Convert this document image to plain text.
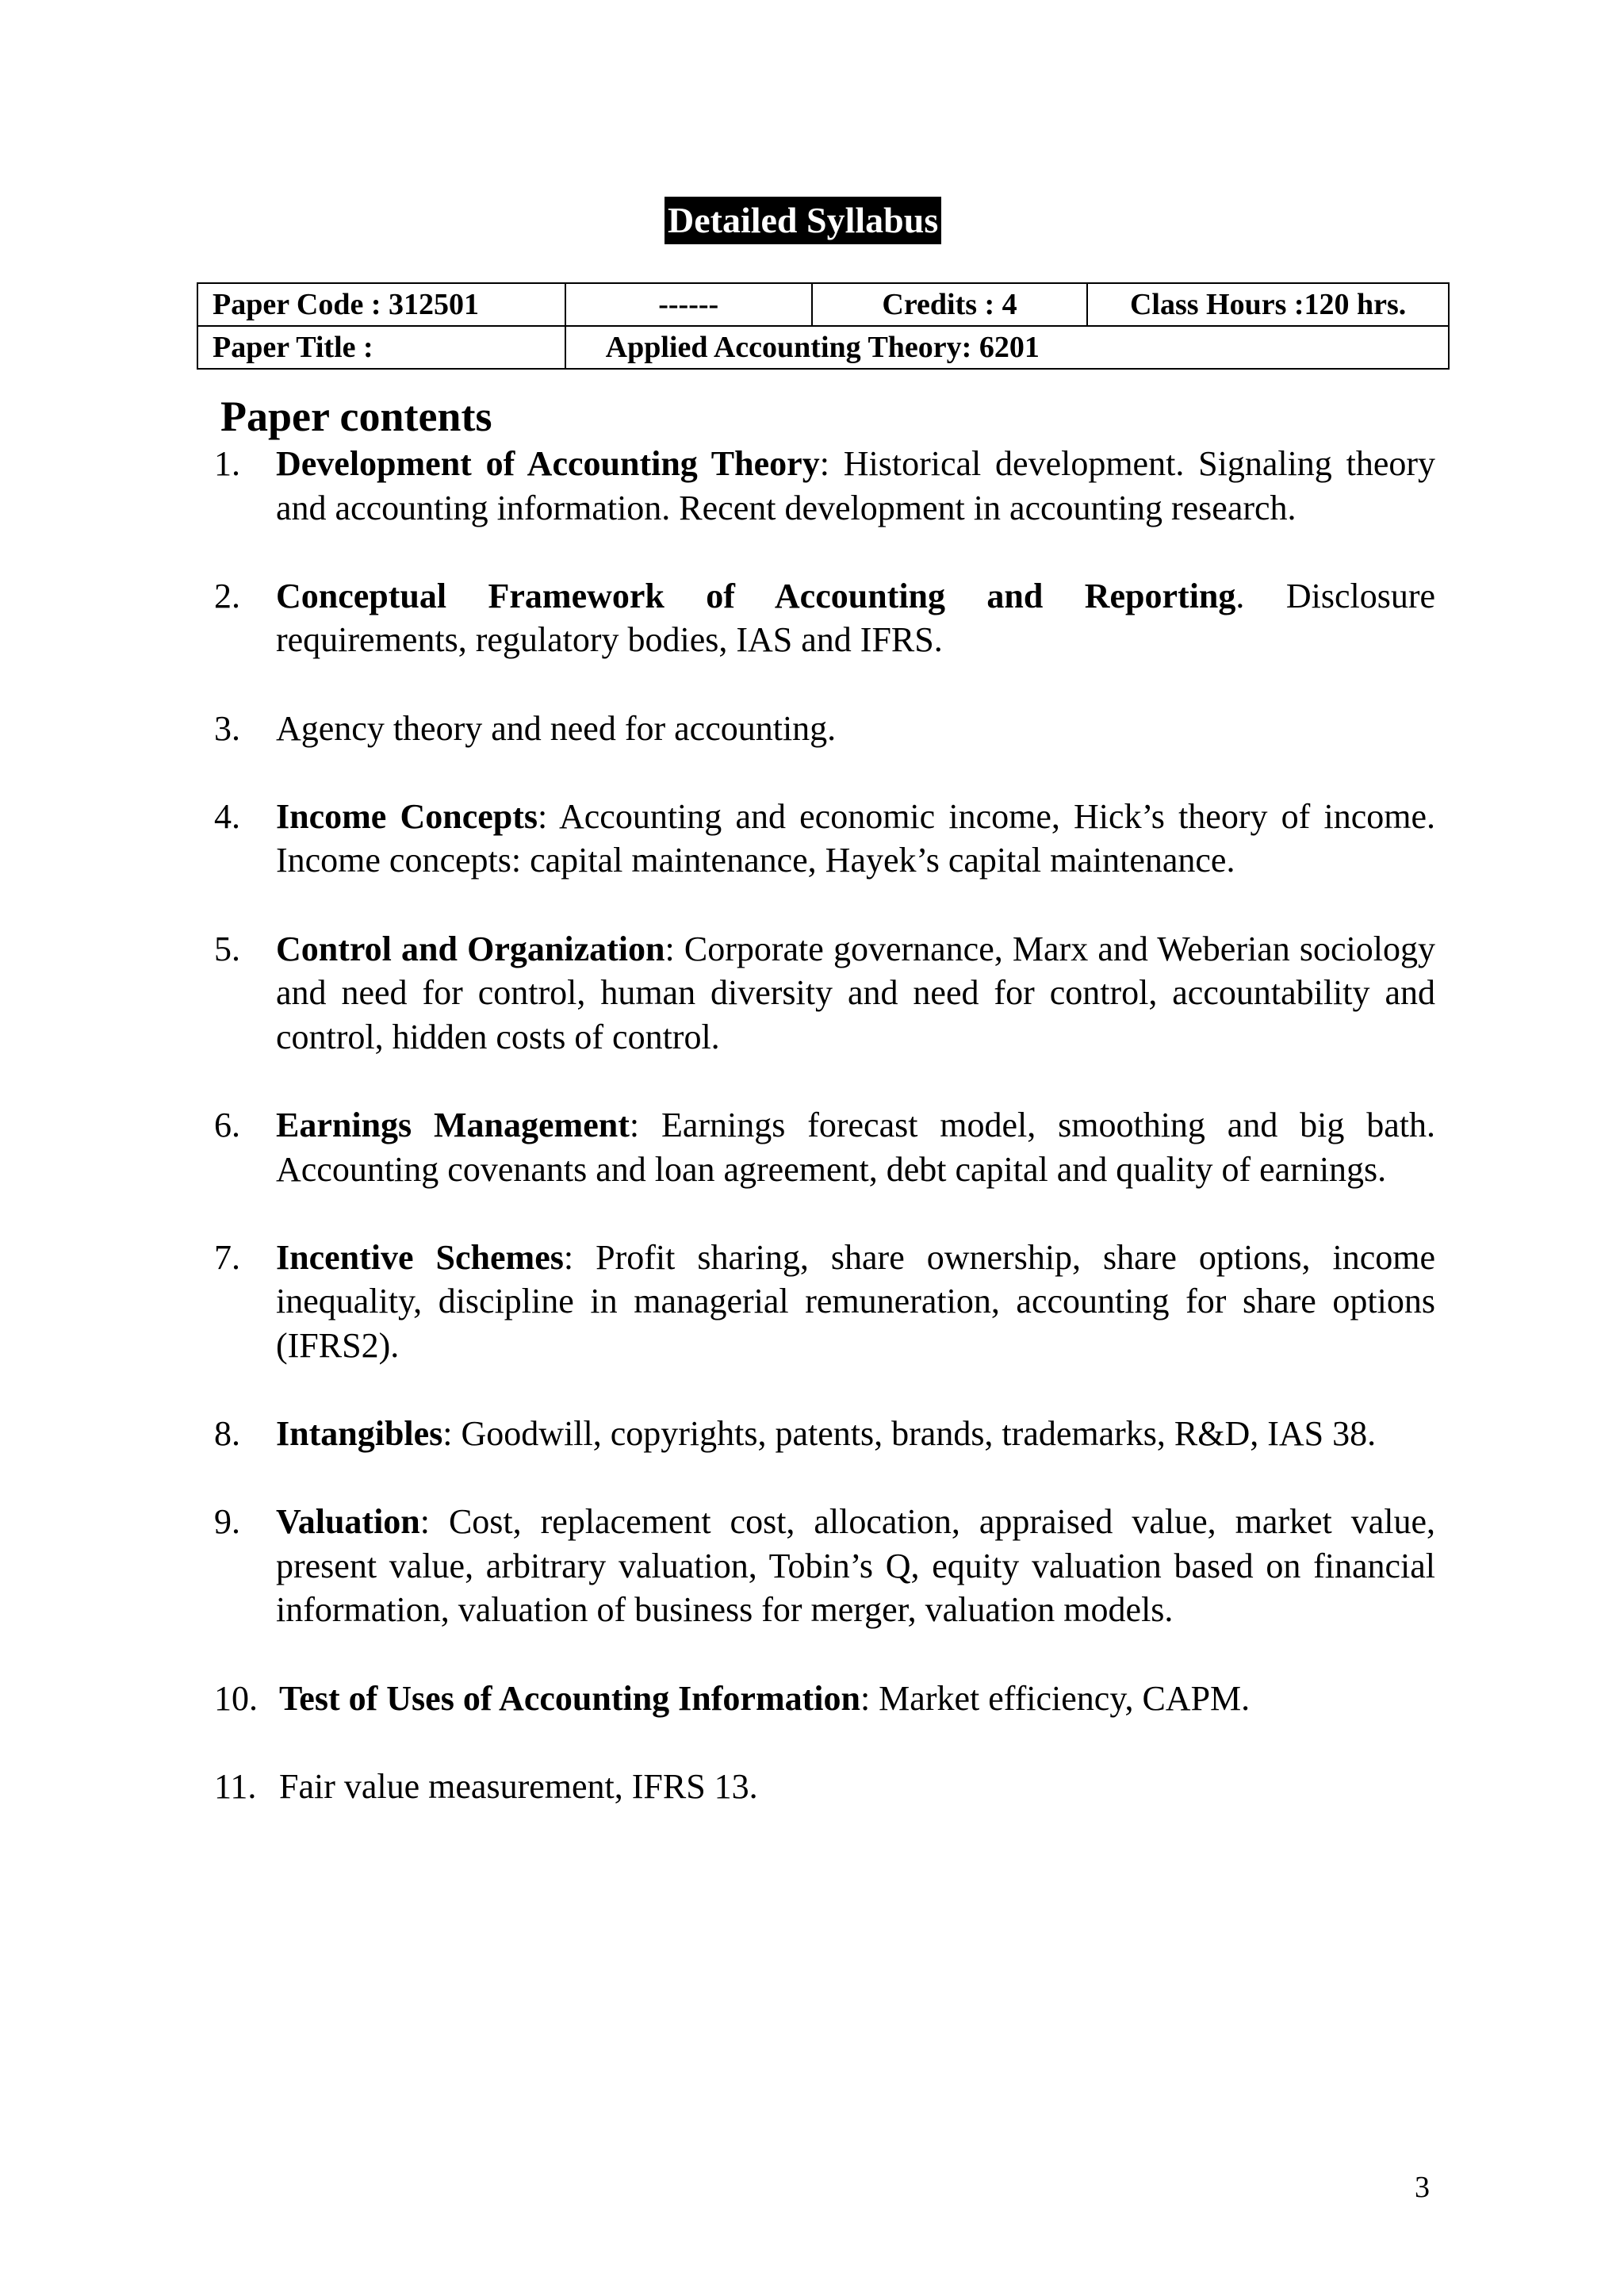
Detailed Syllabus
Paper Code : 312501	------	Credits : 4	Class Hours :120 hrs.
Paper Title :	Applied Accounting Theory: 6201		
Paper contents
1. Development of Accounting Theory: Historical development. Signaling theory and accounting information. Recent development in accounting research.
2. Conceptual Framework of Accounting and Reporting. Disclosure requirements, regulatory bodies, IAS and IFRS.
3. Agency theory and need for accounting.
4. Income Concepts: Accounting and economic income, Hick’s theory of income. Income concepts: capital maintenance, Hayek’s capital maintenance.
5. Control and Organization: Corporate governance, Marx and Weberian sociology and need for control, human diversity and need for control, accountability and control, hidden costs of control.
6. Earnings Management: Earnings forecast model, smoothing and big bath. Accounting covenants and loan agreement, debt capital and quality of earnings.
7. Incentive Schemes: Profit sharing, share ownership, share options, income inequality, discipline in managerial remuneration, accounting for share options (IFRS2).
8. Intangibles: Goodwill, copyrights, patents, brands, trademarks, R&D, IAS 38.
9. Valuation: Cost, replacement cost, allocation, appraised value, market value, present value, arbitrary valuation, Tobin’s Q, equity valuation based on financial information, valuation of business for merger, valuation models.
10. Test of Uses of Accounting Information: Market efficiency, CAPM.
11. Fair value measurement, IFRS 13.

3
